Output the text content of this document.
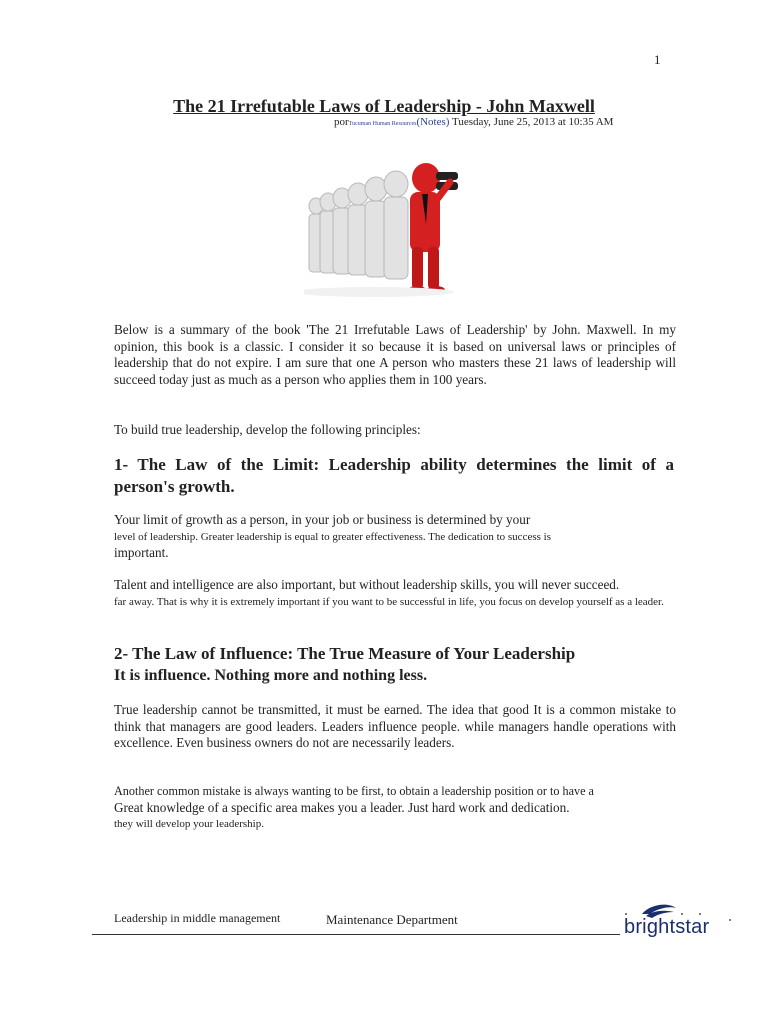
1
The 21 Irrefutable Laws of Leadership - John Maxwell
porTucuman Human Resources(Notes) Tuesday, June 25, 2013 at 10:35 AM

Below is a summary of the book 'The 21 Irrefutable Laws of Leadership' by John. Maxwell. In my opinion, this book is a classic. I consider it so because it is based on universal laws or principles of leadership that do not expire. I am sure that one A person who masters these 21 laws of leadership will succeed today just as much as a person who applies them in 100 years.

To build true leadership, develop the following principles:

1- The Law of the Limit: Leadership ability determines the limit of a person's growth.
Your limit of growth as a person, in your job or business is determined by your
level of leadership. Greater leadership is equal to greater effectiveness. The dedication to success is
important.
Talent and intelligence are also important, but without leadership skills, you will never succeed.
far away. That is why it is extremely important if you want to be successful in life, you focus on develop yourself as a leader.
2- The Law of Influence: The True Measure of Your Leadership
It is influence. Nothing more and nothing less.

True leadership cannot be transmitted, it must be earned. The idea that good It is a common mistake to think that managers are good leaders. Leaders influence people. while managers handle operations with excellence. Even business owners do not are necessarily leaders.

Another common mistake is always wanting to be first, to obtain a leadership position or to have a
Great knowledge of a specific area makes you a leader. Just hard work and dedication.
they will develop your leadership.
Leadership in middle management	Maintenance Department	brightstar
